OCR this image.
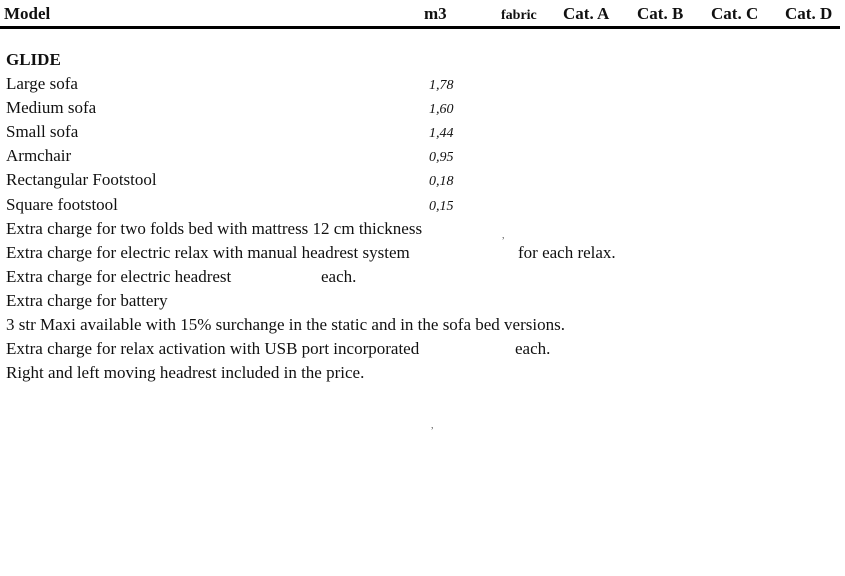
Model	m3	fabric Cat. A Cat. B Cat. C Cat. D
GLIDE
Large sofa	1,78
Medium sofa	1,60
Small sofa	1,44
Armchair	0,95
Rectangular Footstool	0,18
Square footstool	0,15
Extra charge for two folds bed with mattress 12 cm thickness
Extra charge for electric relax with manual headrest system	for each relax.
Extra charge for electric headrest	each.
Extra charge for battery
3 str Maxi available with 15% surchange in the static and in the sofa bed versions.
Extra charge for relax activation with USB port incorporated	each.
Right and left moving headrest included in the price.
,
,
